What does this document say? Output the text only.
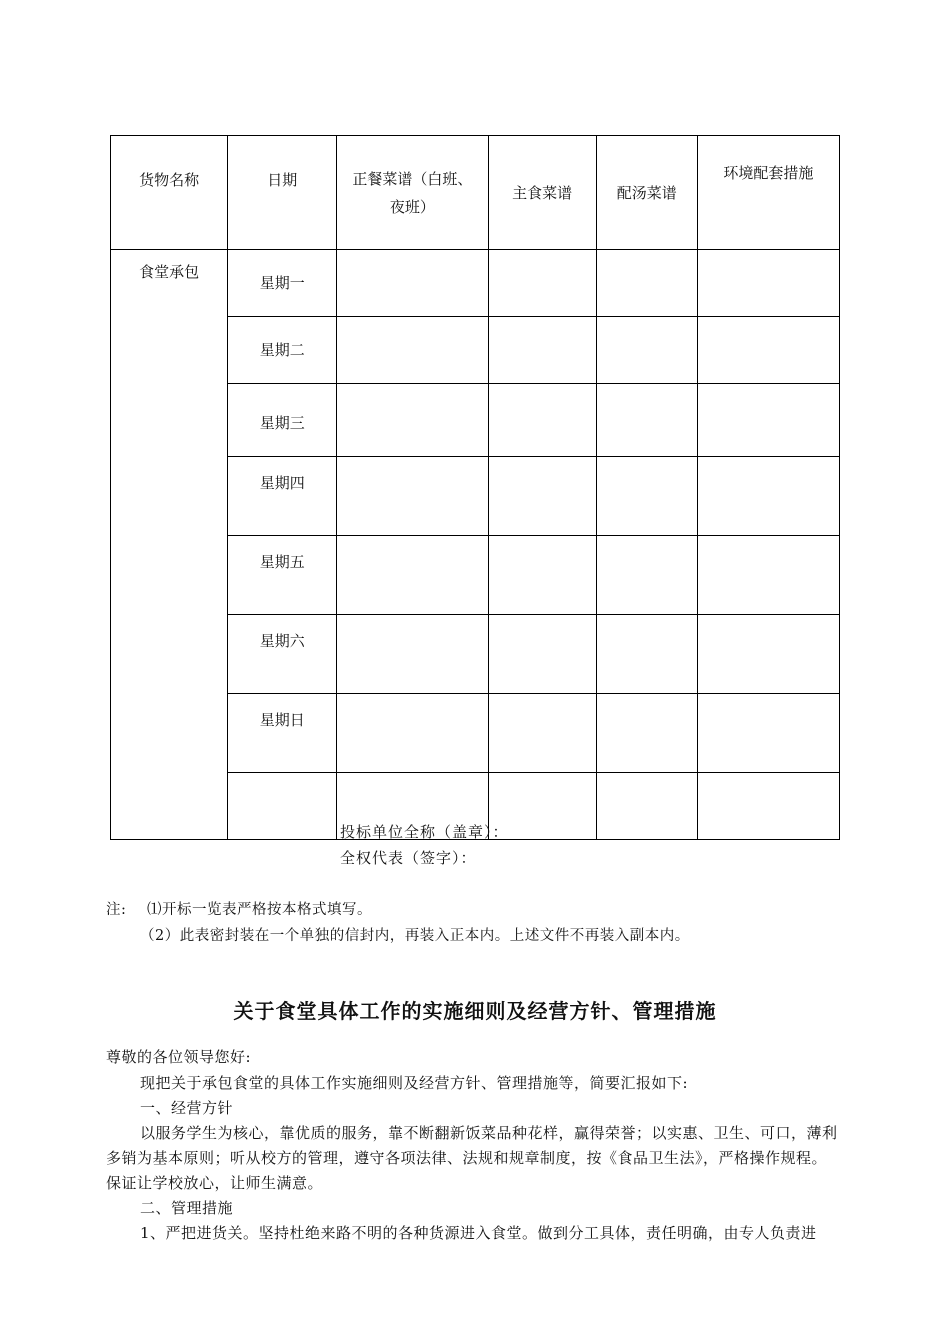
货物名称	日期	正餐菜谱（白班、
夜班）	主食菜谱	配汤菜谱	环境配套措施

食堂承包	星期一				
	星期二				
	星期三				
	星期四				
	星期五				
	星期六				
	星期日				

投标单位全称（盖章）：
全权代表（签字）：
注: ⑴开标一览表严格按本格式填写。
（2）此表密封装在一个单独的信封内，再装入正本内。上述文件不再装入副本内。
关于食堂具体工作的实施细则及经营方针、管理措施
尊敬的各位领导您好:
现把关于承包食堂的具体工作实施细则及经营方针、管理措施等，简要汇报如下:
一、经营方针
以服务学生为核心，靠优质的服务，靠不断翻新饭菜品种花样，赢得荣誉；以实惠、卫生、可口，薄利
多销为基本原则；听从校方的管理，遵守各项法律、法规和规章制度，按《食品卫生法》，严格操作规程。
保证让学校放心，让师生满意。
二、管理措施
1、严把进货关。坚持杜绝来路不明的各种货源进入食堂。做到分工具体，责任明确，由专人负责进
